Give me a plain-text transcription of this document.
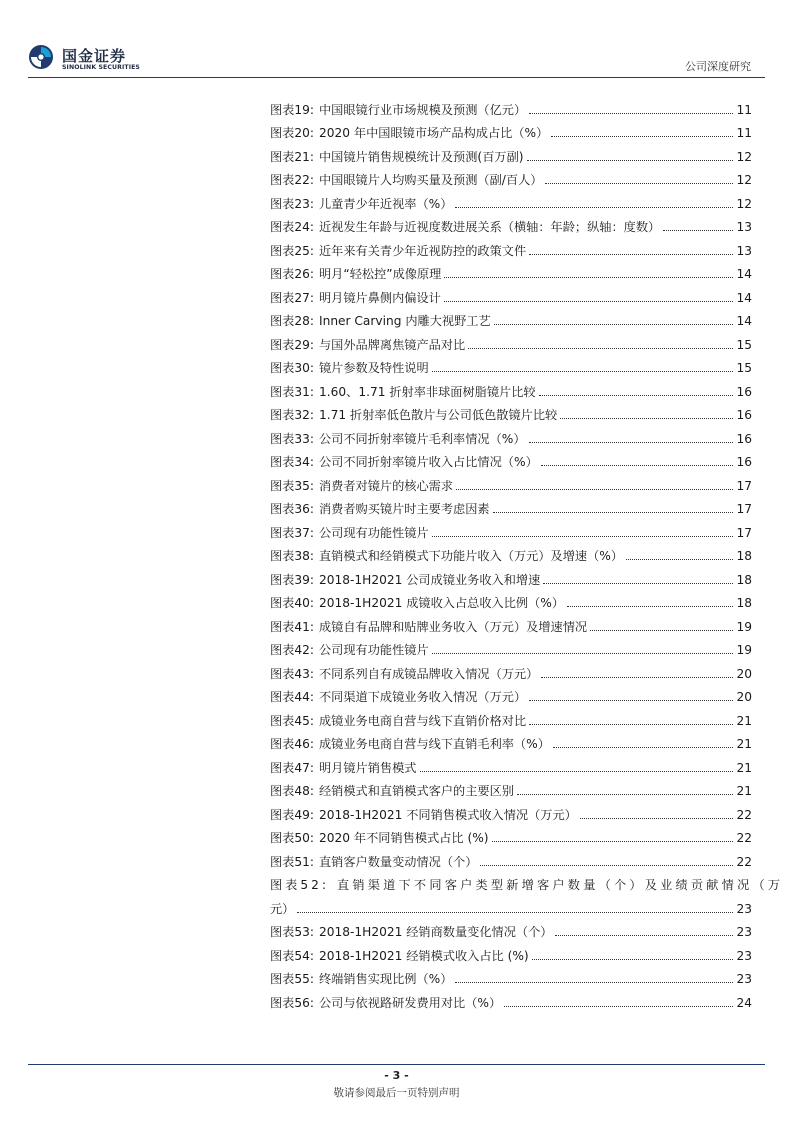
国金证券
SINOLINK SECURITIES	公司深度研究
图表19: 中国眼镜行业市场规模及预测（亿元）	11
图表20: 2020 年中国眼镜市场产品构成占比（%）	11
图表21: 中国镜片销售规模统计及预测(百万副)	12
图表22: 中国眼镜片人均购买量及预测（副/百人）	12
图表23: 儿童青少年近视率（%）	12
图表24: 近视发生年龄与近视度数进展关系（横轴：年龄；纵轴：度数）	13
图表25: 近年来有关青少年近视防控的政策文件	13
图表26: 明月“轻松控”成像原理	14
图表27: 明月镜片鼻侧内偏设计	14
图表28: Inner Carving 内雕大视野工艺	14
图表29: 与国外品牌离焦镜产品对比	15
图表30: 镜片参数及特性说明	15
图表31: 1.60、1.71 折射率非球面树脂镜片比较	16
图表32: 1.71 折射率低色散片与公司低色散镜片比较	16
图表33: 公司不同折射率镜片毛利率情况（%）	16
图表34: 公司不同折射率镜片收入占比情况（%）	16
图表35: 消费者对镜片的核心需求	17
图表36: 消费者购买镜片时主要考虑因素	17
图表37: 公司现有功能性镜片	17
图表38: 直销模式和经销模式下功能片收入（万元）及增速（%）	18
图表39: 2018-1H2021 公司成镜业务收入和增速	18
图表40: 2018-1H2021 成镜收入占总收入比例（%）	18
图表41: 成镜自有品牌和贴牌业务收入（万元）及增速情况	19
图表42: 公司现有功能性镜片	19
图表43: 不同系列自有成镜品牌收入情况（万元）	20
图表44: 不同渠道下成镜业务收入情况（万元）	20
图表45: 成镜业务电商自营与线下直销价格对比	21
图表46: 成镜业务电商自营与线下直销毛利率（%）	21
图表47: 明月镜片销售模式	21
图表48: 经销模式和直销模式客户的主要区别	21
图表49: 2018-1H2021 不同销售模式收入情况（万元）	22
图表50: 2020 年不同销售模式占比 (%)	22
图表51: 直销客户数量变动情况（个）	22
图表52: 直销渠道下不同客户类型新增客户数量（个）及业绩贡献情况（万
元）	23
图表53: 2018-1H2021 经销商数量变化情况（个）	23
图表54: 2018-1H2021 经销模式收入占比 (%)	23
图表55: 终端销售实现比例（%）	23
图表56: 公司与依视路研发费用对比（%）	24
- 3 -
敬请参阅最后一页特别声明
